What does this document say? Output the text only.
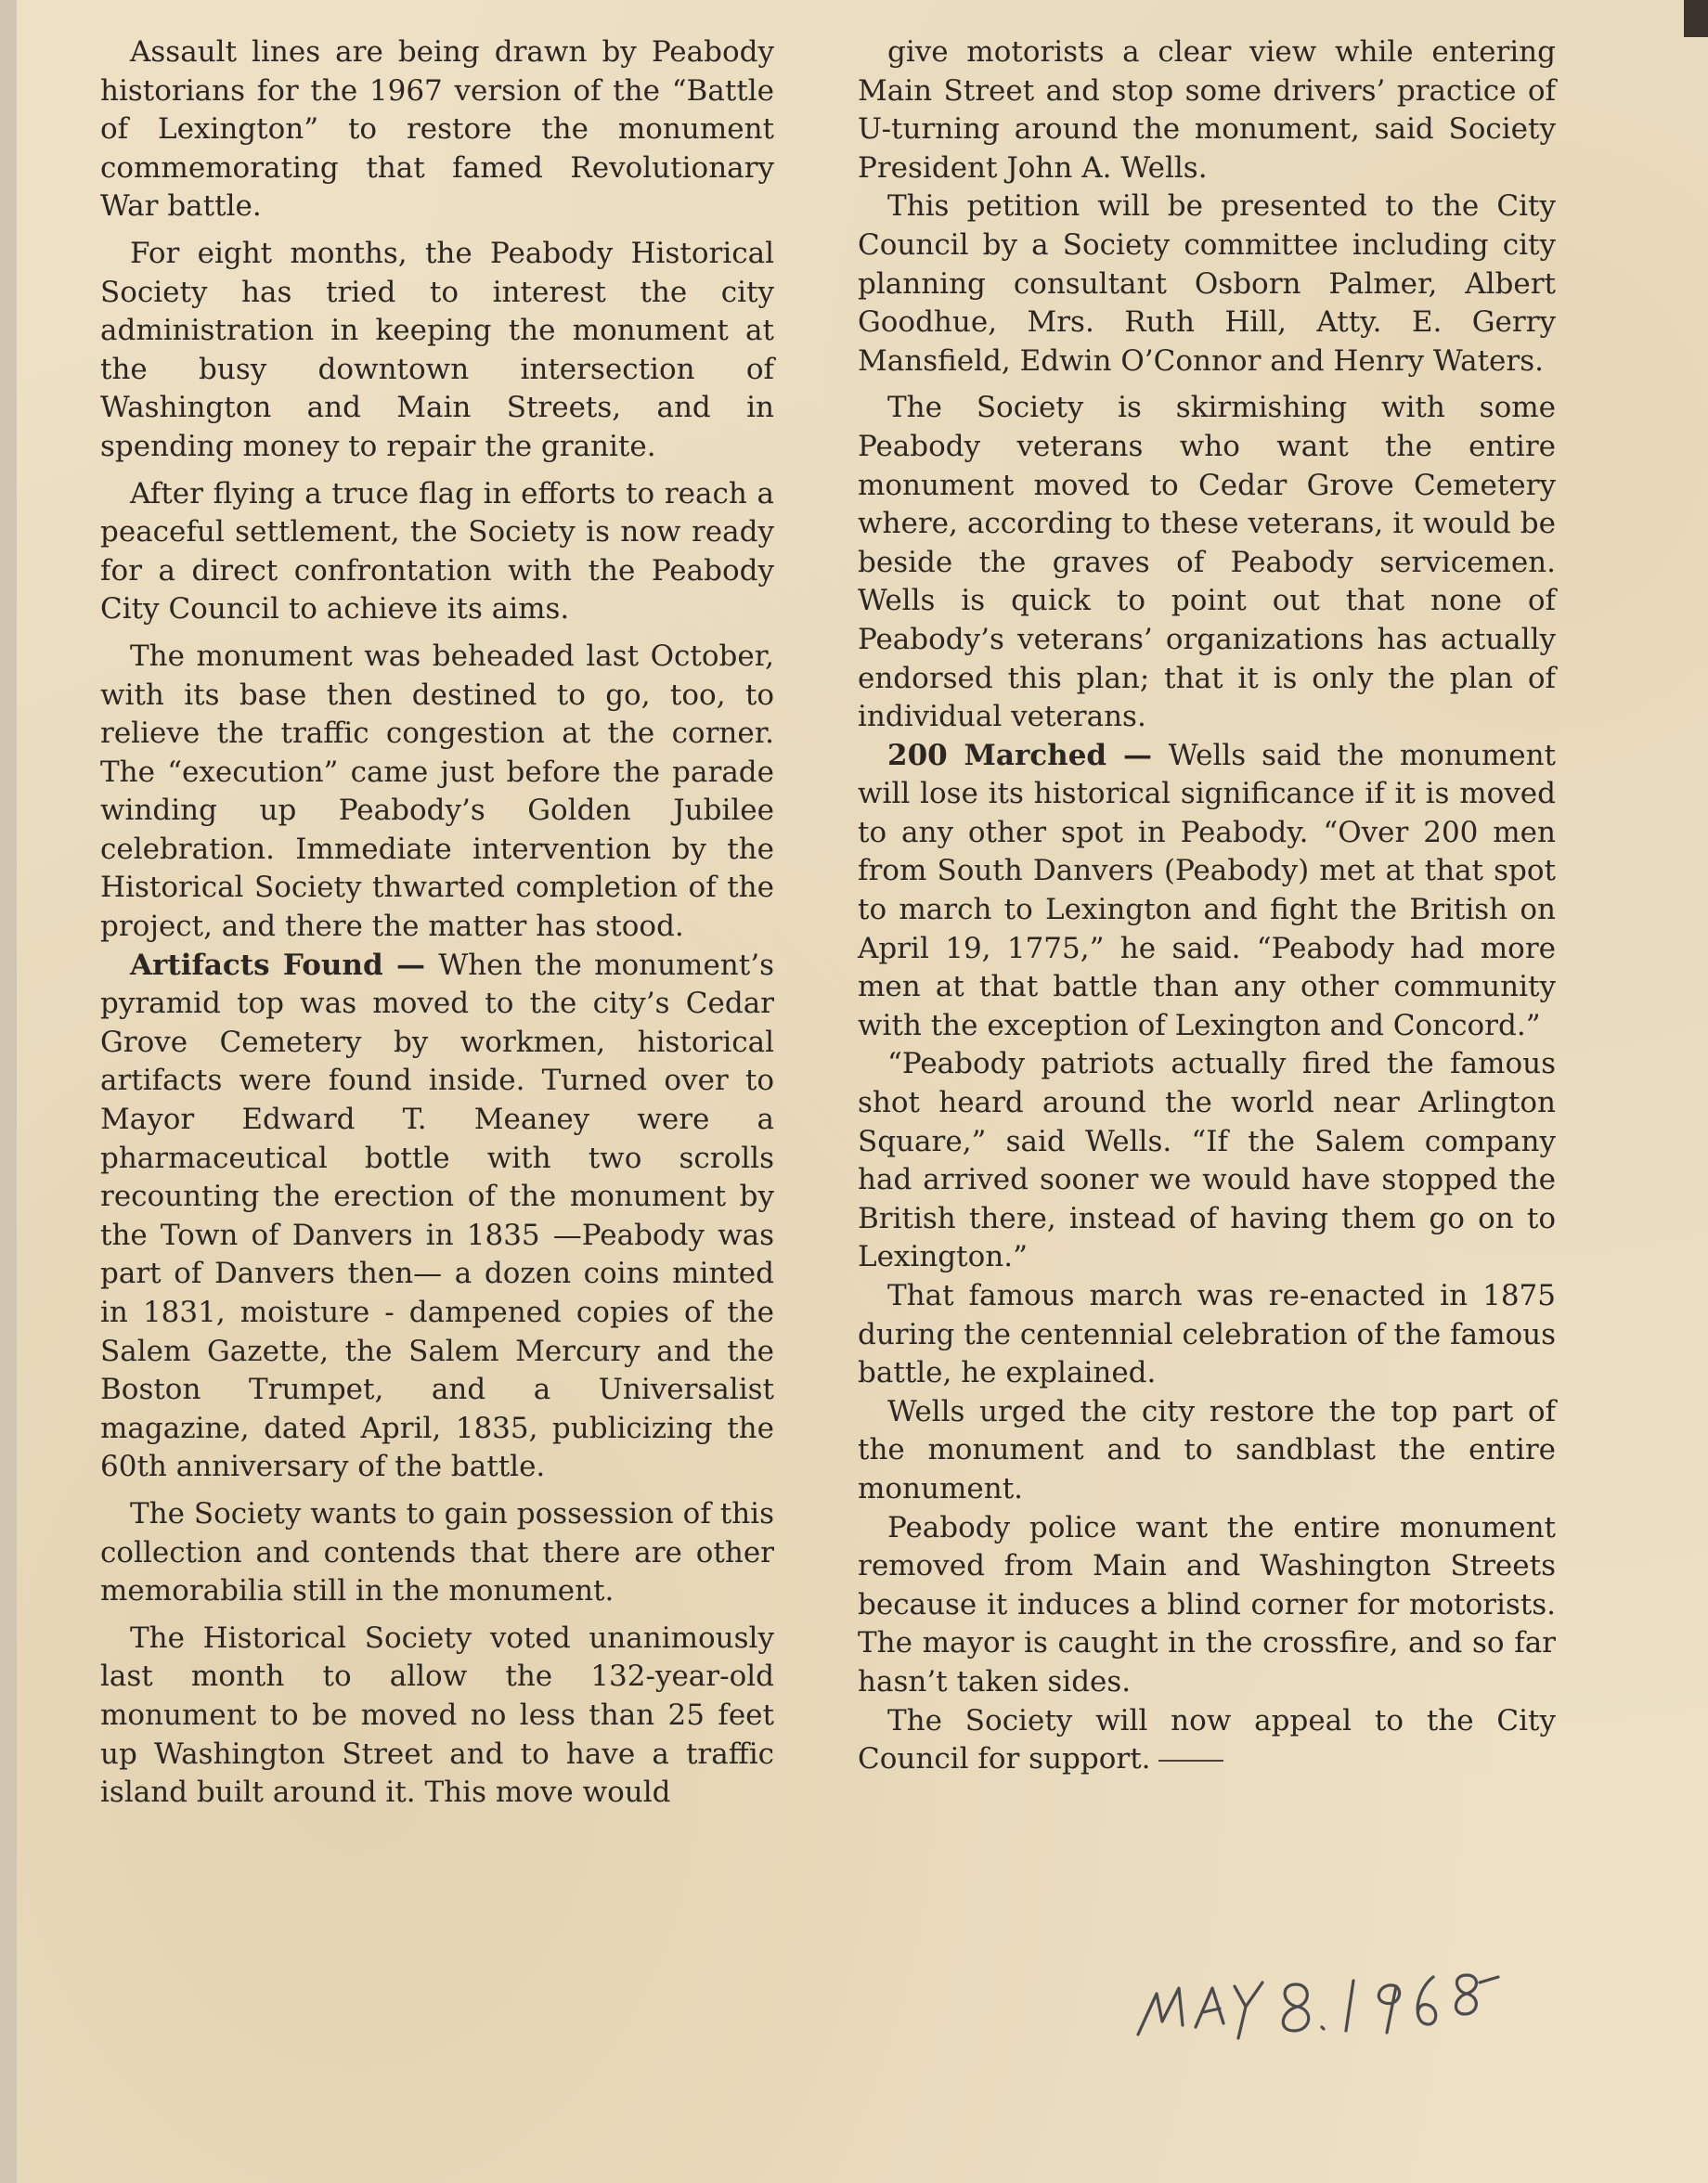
Assault lines are being drawn by Peabody historians for the 1967 version of the “Battle of Lexington” to restore the monument commemorating that famed Revolutionary War battle.

For eight months, the Peabody Historical Society has tried to interest the city administration in keeping the monument at the busy downtown intersection of Washington and Main Streets, and in spending money to repair the granite.

After flying a truce flag in efforts to reach a peaceful settlement, the Society is now ready for a direct confrontation with the Peabody City Council to achieve its aims.

The monument was beheaded last October, with its base then destined to go, too, to relieve the traffic congestion at the corner. The “execution” came just before the parade winding up Peabody’s Golden Jubilee celebration. Immediate intervention by the Historical Society thwarted completion of the project, and there the matter has stood.

Artifacts Found — When the monument’s pyramid top was moved to the city’s Cedar Grove Cemetery by workmen, historical artifacts were found inside. Turned over to Mayor Edward T. Meaney were a pharmaceutical bottle with two scrolls recounting the erection of the monument by the Town of Danvers in 1835 —Peabody was part of Danvers then— a dozen coins minted in 1831, moisture - dampened copies of the Salem Gazette, the Salem Mercury and the Boston Trumpet, and a Universalist magazine, dated April, 1835, publicizing the 60th anniversary of the battle.

The Society wants to gain possession of this collection and contends that there are other memorabilia still in the monument.

The Historical Society voted unanimously last month to allow the 132-year-old monument to be moved no less than 25 feet up Washington Street and to have a traffic island built around it. This move would

give motorists a clear view while entering Main Street and stop some drivers’ practice of U-turning around the monument, said Society President John A. Wells.

This petition will be presented to the City Council by a Society committee including city planning consultant Osborn Palmer, Albert Goodhue, Mrs. Ruth Hill, Atty. E. Gerry Mansfield, Edwin O’Connor and Henry Waters.

The Society is skirmishing with some Peabody veterans who want the entire monument moved to Cedar Grove Cemetery where, according to these veterans, it would be beside the graves of Peabody servicemen. Wells is quick to point out that none of Peabody’s veterans’ organizations has actually endorsed this plan; that it is only the plan of individual veterans.

200 Marched — Wells said the monument will lose its historical significance if it is moved to any other spot in Peabody. “Over 200 men from South Danvers (Peabody) met at that spot to march to Lexington and fight the British on April 19, 1775,” he said. “Peabody had more men at that battle than any other community with the exception of Lexington and Concord.”

“Peabody patriots actually fired the famous shot heard around the world near Arlington Square,” said Wells. “If the Salem company had arrived sooner we would have stopped the British there, instead of having them go on to Lexington.”

That famous march was re-enacted in 1875 during the centennial celebration of the famous battle, he explained.

Wells urged the city restore the top part of the monument and to sandblast the entire monument.

Peabody police want the entire monument removed from Main and Washington Streets because it induces a blind corner for motorists. The mayor is caught in the crossfire, and so far hasn’t taken sides.

The Society will now appeal to the City Council for support.
